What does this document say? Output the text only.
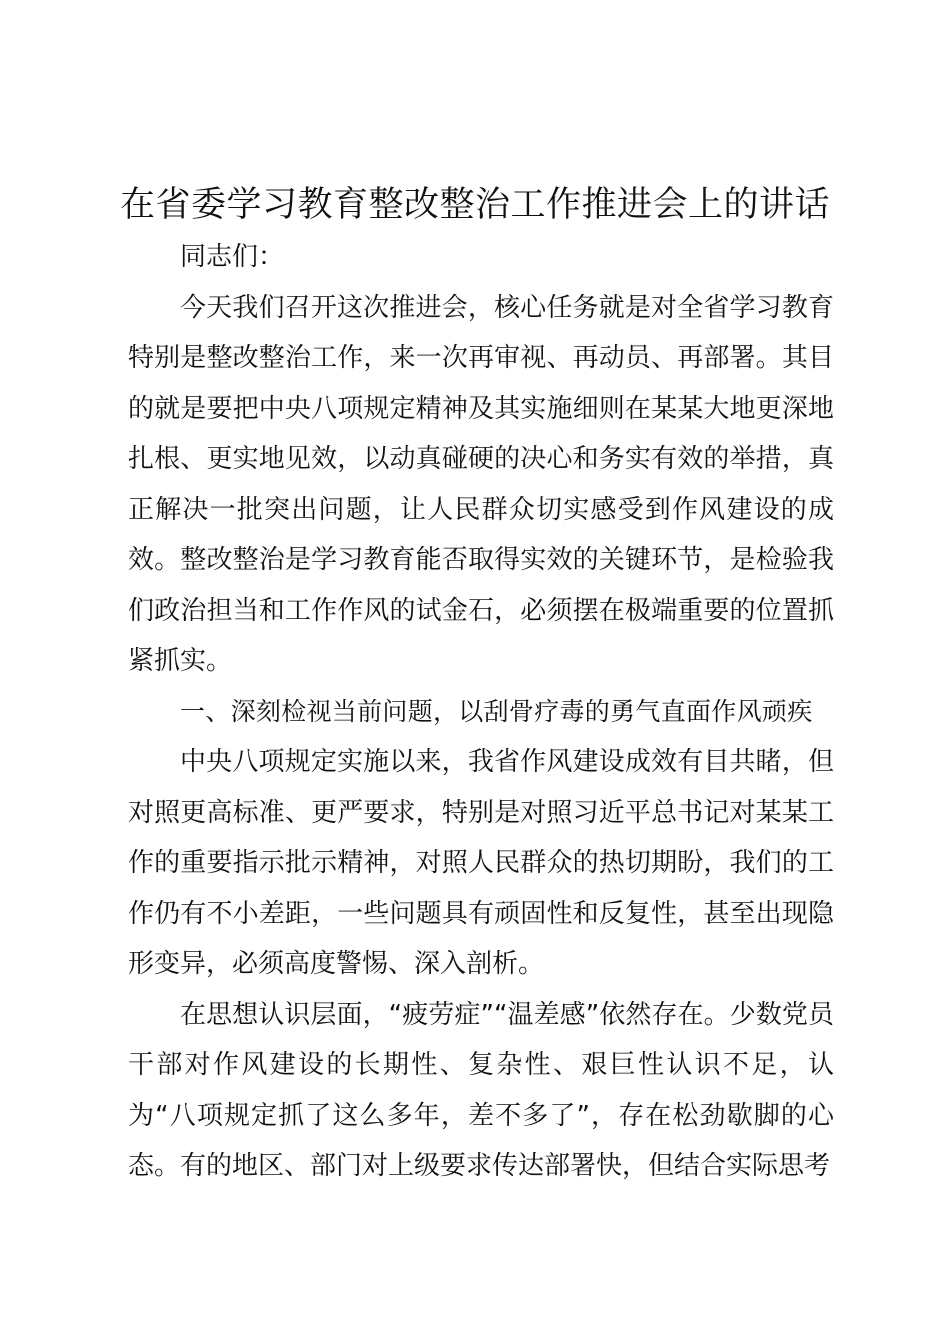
在省委学习教育整改整治工作推进会上的讲话

同志们：

今天我们召开这次推进会，核心任务就是对全省学习教育特别是整改整治工作，来一次再审视、再动员、再部署。其目的就是要把中央八项规定精神及其实施细则在某某大地更深地扎根、更实地见效，以动真碰硬的决心和务实有效的举措，真正解决一批突出问题，让人民群众切实感受到作风建设的成效。整改整治是学习教育能否取得实效的关键环节，是检验我们政治担当和工作作风的试金石，必须摆在极端重要的位置抓紧抓实。

一、深刻检视当前问题，以刮骨疗毒的勇气直面作风顽疾

中央八项规定实施以来，我省作风建设成效有目共睹，但对照更高标准、更严要求，特别是对照习近平总书记对某某工作的重要指示批示精神，对照人民群众的热切期盼，我们的工作仍有不小差距，一些问题具有顽固性和反复性，甚至出现隐形变异，必须高度警惕、深入剖析。

在思想认识层面，“疲劳症”“温差感”依然存在。少数党员干部对作风建设的长期性、复杂性、艰巨性认识不足，认为“八项规定抓了这么多年，差不多了”，存在松劲歇脚的心态。有的地区、部门对上级要求传达部署快，但结合实际思考
